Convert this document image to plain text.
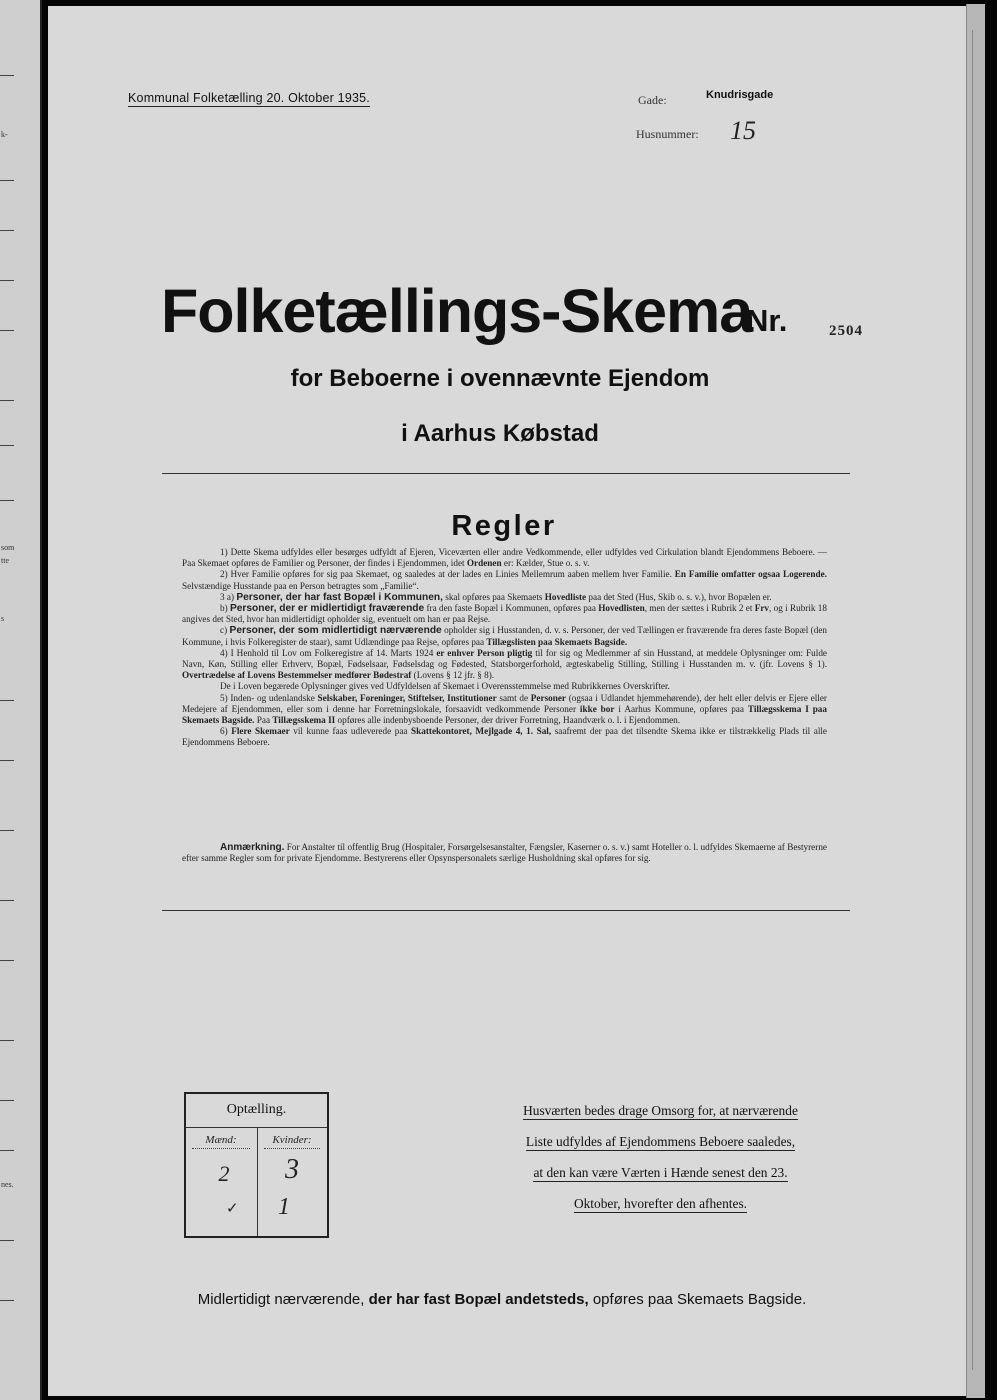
k-
som
tte
s
nes.
Kommunal Folketælling 20. Oktober 1935.	Gade:	Knudrisgade
Husnummer: 15
Folketællings-Skema
Nr.	2504
for Beboerne i ovennævnte Ejendom
i Aarhus Købstad
Regler

1) Dette Skema udfyldes eller besørges udfyldt af Ejeren, Viceværten eller andre Vedkommende, eller udfyldes ved Cirkulation blandt Ejendommens Beboere. — Paa Skemaet opføres de Familier og Personer, der findes i Ejendommen, idet Ordenen er: Kælder, Stue o. s. v.

2) Hver Familie opføres for sig paa Skemaet, og saaledes at der lades en Linies Mellemrum aaben mellem hver Familie. En Familie omfatter ogsaa Logerende. Selvstændige Husstande paa en Person betragtes som „Familie“.

3 a) Personer, der har fast Bopæl i Kommunen, skal opføres paa Skemaets Hovedliste paa det Sted (Hus, Skib o. s. v.), hvor Bopælen er.

b) Personer, der er midlertidigt fraværende fra den faste Bopæl i Kommunen, opføres paa Hovedlisten, men der sættes i Rubrik 2 et Frv, og i Rubrik 18 angives det Sted, hvor han midlertidigt opholder sig, eventuelt om han er paa Rejse.

c) Personer, der som midlertidigt nærværende opholder sig i Husstanden, d. v. s. Personer, der ved Tællingen er fraværende fra deres faste Bopæl (den Kommune, i hvis Folkeregister de staar), samt Udlændinge paa Rejse, opføres paa Tillægslisten paa Skemaets Bagside.

4) I Henhold til Lov om Folkeregistre af 14. Marts 1924 er enhver Person pligtig til for sig og Medlemmer af sin Husstand, at meddele Oplysninger om: Fulde Navn, Køn, Stilling eller Erhverv, Bopæl, Fødselsaar, Fødselsdag og Fødested, Statsborgerforhold, ægteskabelig Stilling, Stilling i Husstanden m. v. (jfr. Lovens § 1). Overtrædelse af Lovens Bestemmelser medfører Bødestraf (Lovens § 12 jfr. § 8).

De i Loven begærede Oplysninger gives ved Udfyldelsen af Skemaet i Overensstemmelse med Rubrikkernes Overskrifter.

5) Inden- og udenlandske Selskaber, Foreninger, Stiftelser, Institutioner samt de Personer (ogsaa i Udlandet hjemmehørende), der helt eller delvis er Ejere eller Medejere af Ejendommen, eller som i denne har Forretningslokale, forsaavidt vedkommende Personer ikke bor i Aarhus Kommune, opføres paa Tillægsskema I paa Skemaets Bagside. Paa Tillægsskema II opføres alle indenbysboende Personer, der driver Forretning, Haandværk o. l. i Ejendommen.

6) Flere Skemaer vil kunne faas udleverede paa Skattekontoret, Mejlgade 4, 1. Sal, saafremt der paa det tilsendte Skema ikke er tilstrækkelig Plads til alle Ejendommens Beboere.

Anmærkning. For Anstalter til offentlig Brug (Hospitaler, Forsørgelsesanstalter, Fængsler, Kaserner o. s. v.) samt Hoteller o. l. udfyldes Skemaerne af Bestyrerne efter samme Regler som for private Ejendomme. Bestyrerens eller Opsynspersonalets særlige Husholdning skal opføres for sig.

Optælling.
Mænd:	Kvinder:
2	3
✓ 1
Husværten bedes drage Omsorg for, at nærværende
Liste udfyldes af Ejendommens Beboere saaledes,
at den kan være Værten i Hænde senest den 23.
Oktober, hvorefter den afhentes.
Midlertidigt nærværende, der har fast Bopæl andetsteds, opføres paa Skemaets Bagside.
